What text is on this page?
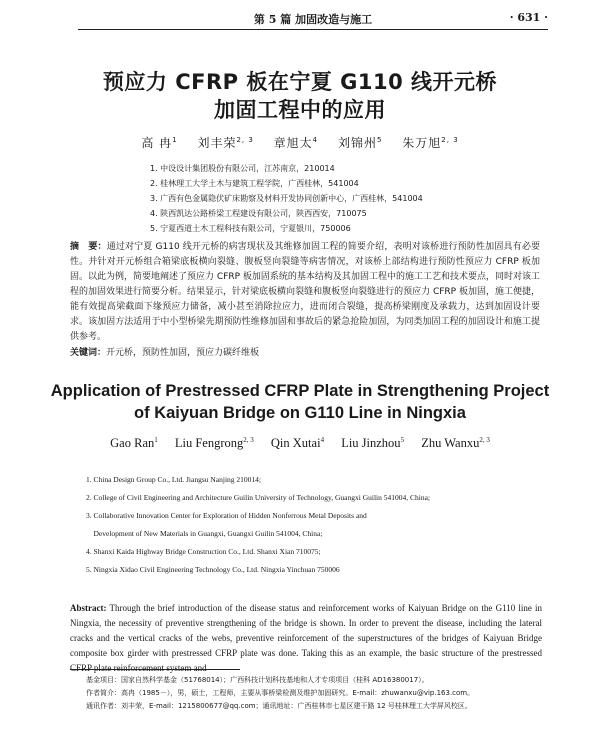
第 5 篇 加固改造与施工	· 631 ·
预应力 CFRP 板在宁夏 G110 线开元桥
加固工程中的应用
高 冉$^1$ 刘丰荣$^{2, 3}$ 章旭太$^4$ 刘锦州$^5$ 朱万旭$^{2, 3}$
1. 中设设计集团股份有限公司，江苏南京，210014
2. 桂林理工大学土木与建筑工程学院，广西桂林，541004
3. 广西有色金属隐伏矿床勘察及材料开发协同创新中心，广西桂林，541004
4. 陕西凯达公路桥梁工程建设有限公司，陕西西安，710075
5. 宁夏西道土木工程科技有限公司，宁夏银川，750006
摘　要：通过对宁夏 G110 线开元桥的病害现状及其维修加固工程的简要介绍，表明对该桥进行预防性加固具有必要性。并针对开元桥组合箱梁底板横向裂缝、腹板竖向裂缝等病害情况，对该桥上部结构进行预防性预应力 CFRP 板加固。以此为例，简要地阐述了预应力 CFRP 板加固系统的基本结构及其加固工程中的施工工艺和技术要点，同时对该工程的加固效果进行简要分析。结果显示，针对梁底板横向裂缝和腹板竖向裂缝进行的预应力 CFRP 板加固，施工便捷，能有效提高梁截面下缘预应力储备，减小甚至消除拉应力，进而闭合裂缝，提高桥梁刚度及承载力，达到加固设计要求。该加固方法适用于中小型桥梁先期预防性维修加固和事故后的紧急抢险加固，为同类加固工程的加固设计和施工提供参考。
关键词：开元桥，预防性加固，预应力碳纤维板
Application of Prestressed CFRP Plate in Strengthening Project
of Kaiyuan Bridge on G110 Line in Ningxia
Gao Ran$^1$ Liu Fengrong$^{2, 3}$ Qin Xutai$^4$ Liu Jinzhou$^5$ Zhu Wanxu$^{2, 3}$
1. China Design Group Co., Ltd. Jiangsu Nanjing 210014;
2. College of Civil Engineering and Architecture Guilin University of Technology, Guangxi Guilin 541004, China;
3. Collaborative Innovation Center for Exploration of Hidden Nonferrous Metal Deposits and
Development of New Materials in Guangxi, Guangxi Guilin 541004, China;
4. Shanxi Kaida Highway Bridge Construction Co., Ltd. Shanxi Xian 710075;
5. Ningxia Xidao Civil Engineering Technology Co., Ltd. Ningxia Yinchuan 750006
Abstract: Through the brief introduction of the disease status and reinforcement works of Kaiyuan Bridge on the G110 line in Ningxia, the necessity of preventive strengthening of the bridge is shown. In order to prevent the disease, including the lateral cracks and the vertical cracks of the webs, preventive reinforcement of the superstructures of the bridges of Kaiyuan Bridge composite box girder with prestressed CFRP plate was done. Taking this as an example, the basic structure of the prestressed CFRP plate reinforcement system and
基金项目：国家自然科学基金（51768014）；广西科技计划科技基地和人才专项项目（桂科 AD16380017）。
作者简介：高冉（1985－），男，硕士，工程师，主要从事桥梁检测及维护加固研究。E-mail：zhuwanxu@vip.163.com。
通讯作者：刘丰荣，E-mail：1215800677@qq.com；通讯地址：广西桂林市七星区建干路 12 号桂林理工大学屏风校区。
